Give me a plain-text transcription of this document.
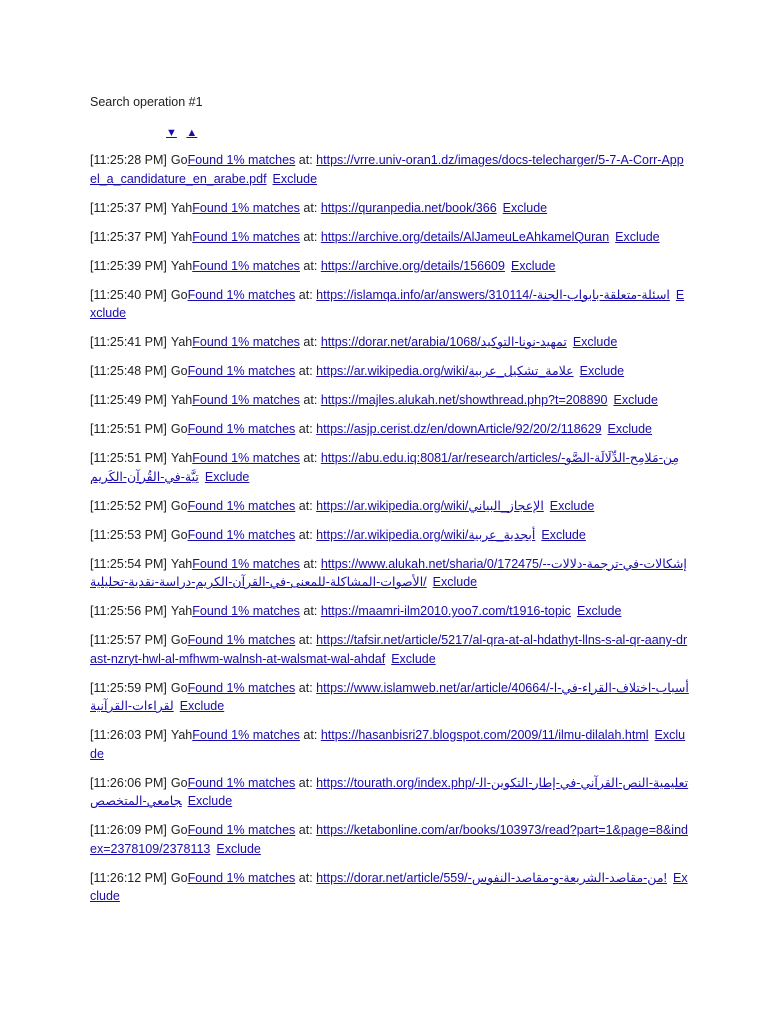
Search operation #1
▼ ▲
[11:25:28 PM] GoFound 1% matches at: https://vrre.univ-oran1.dz/images/docs-telecharger/5-7-A-Corr-Appel_a_candidature_en_arabe.pdf Exclude
[11:25:37 PM] YahFound 1% matches at: https://quranpedia.net/book/366 Exclude
[11:25:37 PM] YahFound 1% matches at: https://archive.org/details/AlJameuLeAhkamelQuran Exclude
[11:25:39 PM] YahFound 1% matches at: https://archive.org/details/156609 Exclude
[11:25:40 PM] GoFound 1% matches at: https://islamqa.info/ar/answers/310114/-اسئلة-متعلقة-بابواب-الجنة Exclude
[11:25:41 PM] YahFound 1% matches at: https://dorar.net/arabia/1068/تمهيد-نونا-التوكيد Exclude
[11:25:48 PM] GoFound 1% matches at: https://ar.wikipedia.org/wiki/علامة_تشكيل_عربية Exclude
[11:25:49 PM] YahFound 1% matches at: https://majles.alukah.net/showthread.php?t=208890 Exclude
[11:25:51 PM] GoFound 1% matches at: https://asjp.cerist.dz/en/downArticle/92/20/2/118629 Exclude
[11:25:51 PM] YahFound 1% matches at: https://abu.edu.iq:8081/ar/research/articles/-مِن-مَلامِح-الدِّلَالَة-الصَّوتِيَّة-في-القُرآن-الكَريم Exclude
[11:25:52 PM] GoFound 1% matches at: https://ar.wikipedia.org/wiki/الإعجاز_البياني Exclude
[11:25:53 PM] GoFound 1% matches at: https://ar.wikipedia.org/wiki/أبجدية_عربية Exclude
[11:25:54 PM] YahFound 1% matches at: https://www.alukah.net/sharia/0/172475/-إشكالات-في-ترجمة-دلالات-الأصوات-المشاكلة-للمعنى-في-القرآن-الكريم-دراسة-نقدية-تحليلية/ Exclude
[11:25:56 PM] YahFound 1% matches at: https://maamri-ilm2010.yoo7.com/t1916-topic Exclude
[11:25:57 PM] GoFound 1% matches at: https://tafsir.net/article/5217/al-qra-at-al-hdathyt-llns-s-al-qr-aany-drast-nzryt-hwl-al-mfhwm-walnsh-at-walsmat-wal-ahdaf Exclude
[11:25:59 PM] GoFound 1% matches at: https://www.islamweb.net/ar/article/40664/-أسباب-اختلاف-القراء-في-القراءات-القرآنية Exclude
[11:26:03 PM] YahFound 1% matches at: https://hasanbisri27.blogspot.com/2009/11/ilmu-dilalah.html Exclude
[11:26:06 PM] GoFound 1% matches at: https://tourath.org/index.php/-تعليمية-النص-القرآني-في-إطار-التكوين-الجامعي-المتخصص Exclude
[11:26:09 PM] GoFound 1% matches at: https://ketabonline.com/ar/books/103973/read?part=1&page=8&index=2378109/2378113 Exclude
[11:26:12 PM] GoFound 1% matches at: https://dorar.net/article/559/-من-مقاصد-الشريعة-و-مقاصد-النفوس! Exclude
